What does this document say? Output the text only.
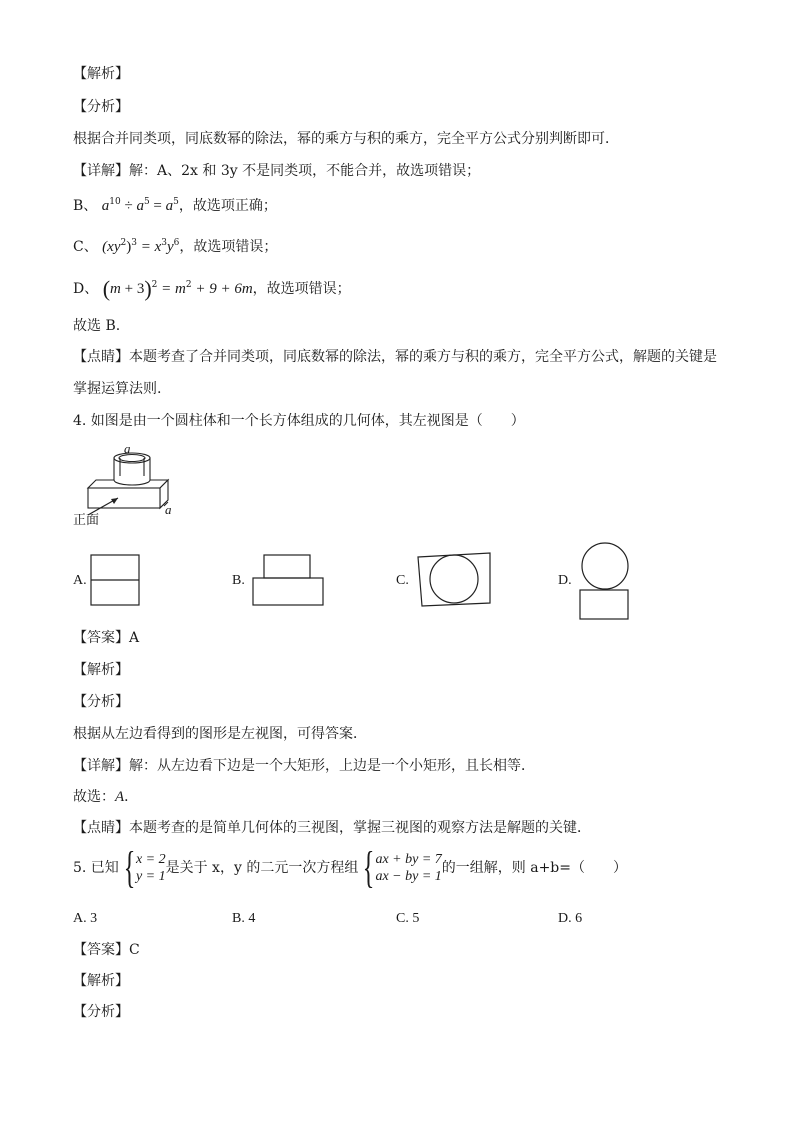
【解析】
【分析】
根据合并同类项，同底数幂的除法，幂的乘方与积的乘方，完全平方公式分别判断即可．
【详解】解：A、2x 和 3y 不是同类项，不能合并，故选项错误；
B、 $a^{10} \div a^5 = a^5$，故选项正确；
C、 $(xy^2)^3 = x^3y^6$，故选项错误；
D、 $(m + 3)^2 = m^2 + 9 + 6m$，故选项错误；
故选 B.
【点睛】本题考查了合并同类项，同底数幂的除法，幂的乘方与积的乘方，完全平方公式，解题的关键是
掌握运算法则.
4. 如图是由一个圆柱体和一个长方体组成的几何体，其左视图是（　　）
a
a
正面
A.	B.	C.	D.
【答案】A
【解析】
【分析】
根据从左边看得到的图形是左视图，可得答案．
【详解】解：从左边看下边是一个大矩形，上边是一个小矩形，且长相等．
故选：A．
【点睛】本题考查的是简单几何体的三视图，掌握三视图的观察方法是解题的关键．
5. 已知 { x = 2
y = 1
是关于 x，y 的二元一次方程组 { ax + by = 7
ax − by = 1
的一组解，则 a+b=（　　）
A. 3	B. 4	C. 5	D. 6
【答案】C
【解析】
【分析】
